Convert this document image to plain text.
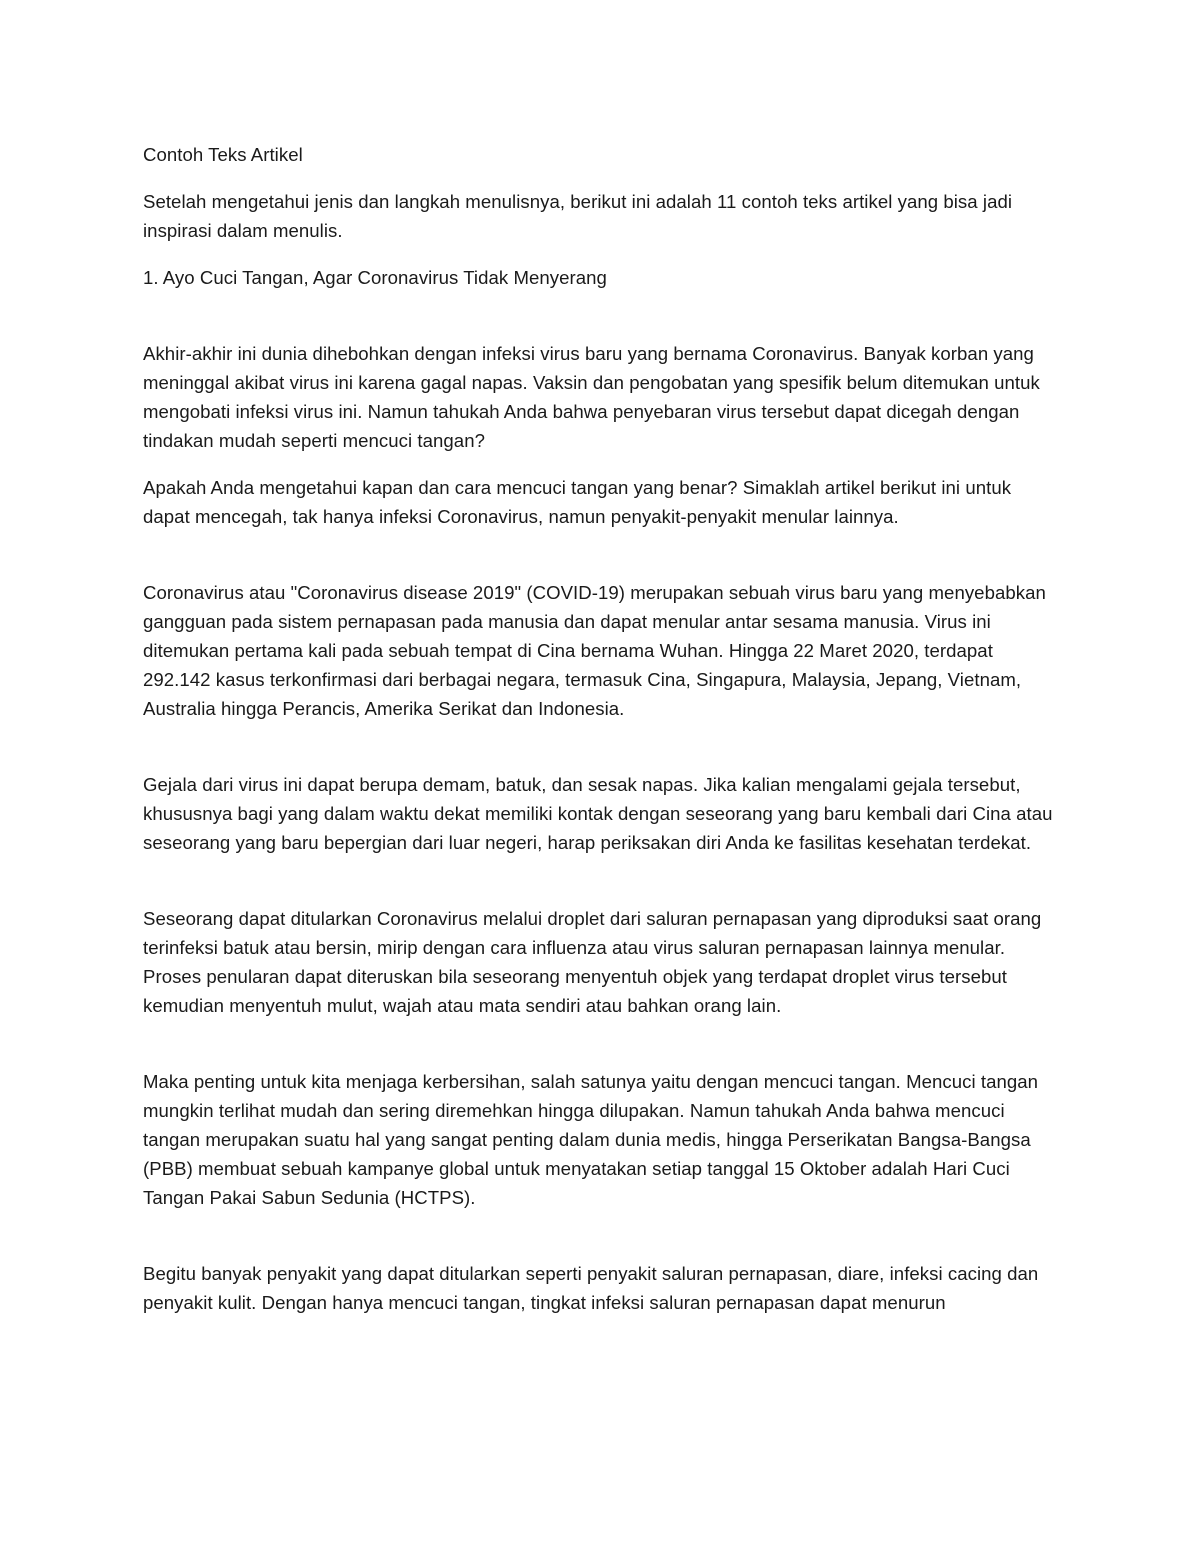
Contoh Teks Artikel

Setelah mengetahui jenis dan langkah menulisnya, berikut ini adalah 11 contoh teks artikel yang bisa jadi inspirasi dalam menulis.

1. Ayo Cuci Tangan, Agar Coronavirus Tidak Menyerang

Akhir-akhir ini dunia dihebohkan dengan infeksi virus baru yang bernama Coronavirus. Banyak korban yang meninggal akibat virus ini karena gagal napas. Vaksin dan pengobatan yang spesifik belum ditemukan untuk mengobati infeksi virus ini. Namun tahukah Anda bahwa penyebaran virus tersebut dapat dicegah dengan tindakan mudah seperti mencuci tangan?

Apakah Anda mengetahui kapan dan cara mencuci tangan yang benar? Simaklah artikel berikut ini untuk dapat mencegah, tak hanya infeksi Coronavirus, namun penyakit-penyakit menular lainnya.

Coronavirus atau "Coronavirus disease 2019" (COVID-19) merupakan sebuah virus baru yang menyebabkan gangguan pada sistem pernapasan pada manusia dan dapat menular antar sesama manusia. Virus ini ditemukan pertama kali pada sebuah tempat di Cina bernama Wuhan. Hingga 22 Maret 2020, terdapat 292.142 kasus terkonfirmasi dari berbagai negara, termasuk Cina, Singapura, Malaysia, Jepang, Vietnam, Australia hingga Perancis, Amerika Serikat dan Indonesia.

Gejala dari virus ini dapat berupa demam, batuk, dan sesak napas. Jika kalian mengalami gejala tersebut, khususnya bagi yang dalam waktu dekat memiliki kontak dengan seseorang yang baru kembali dari Cina atau seseorang yang baru bepergian dari luar negeri, harap periksakan diri Anda ke fasilitas kesehatan terdekat.

Seseorang dapat ditularkan Coronavirus melalui droplet dari saluran pernapasan yang diproduksi saat orang terinfeksi batuk atau bersin, mirip dengan cara influenza atau virus saluran pernapasan lainnya menular. Proses penularan dapat diteruskan bila seseorang menyentuh objek yang terdapat droplet virus tersebut kemudian menyentuh mulut, wajah atau mata sendiri atau bahkan orang lain.

Maka penting untuk kita menjaga kerbersihan, salah satunya yaitu dengan mencuci tangan. Mencuci tangan mungkin terlihat mudah dan sering diremehkan hingga dilupakan. Namun tahukah Anda bahwa mencuci tangan merupakan suatu hal yang sangat penting dalam dunia medis, hingga Perserikatan Bangsa-Bangsa (PBB) membuat sebuah kampanye global untuk menyatakan setiap tanggal 15 Oktober adalah Hari Cuci Tangan Pakai Sabun Sedunia (HCTPS).

Begitu banyak penyakit yang dapat ditularkan seperti penyakit saluran pernapasan, diare, infeksi cacing dan penyakit kulit. Dengan hanya mencuci tangan, tingkat infeksi saluran pernapasan dapat menurun
